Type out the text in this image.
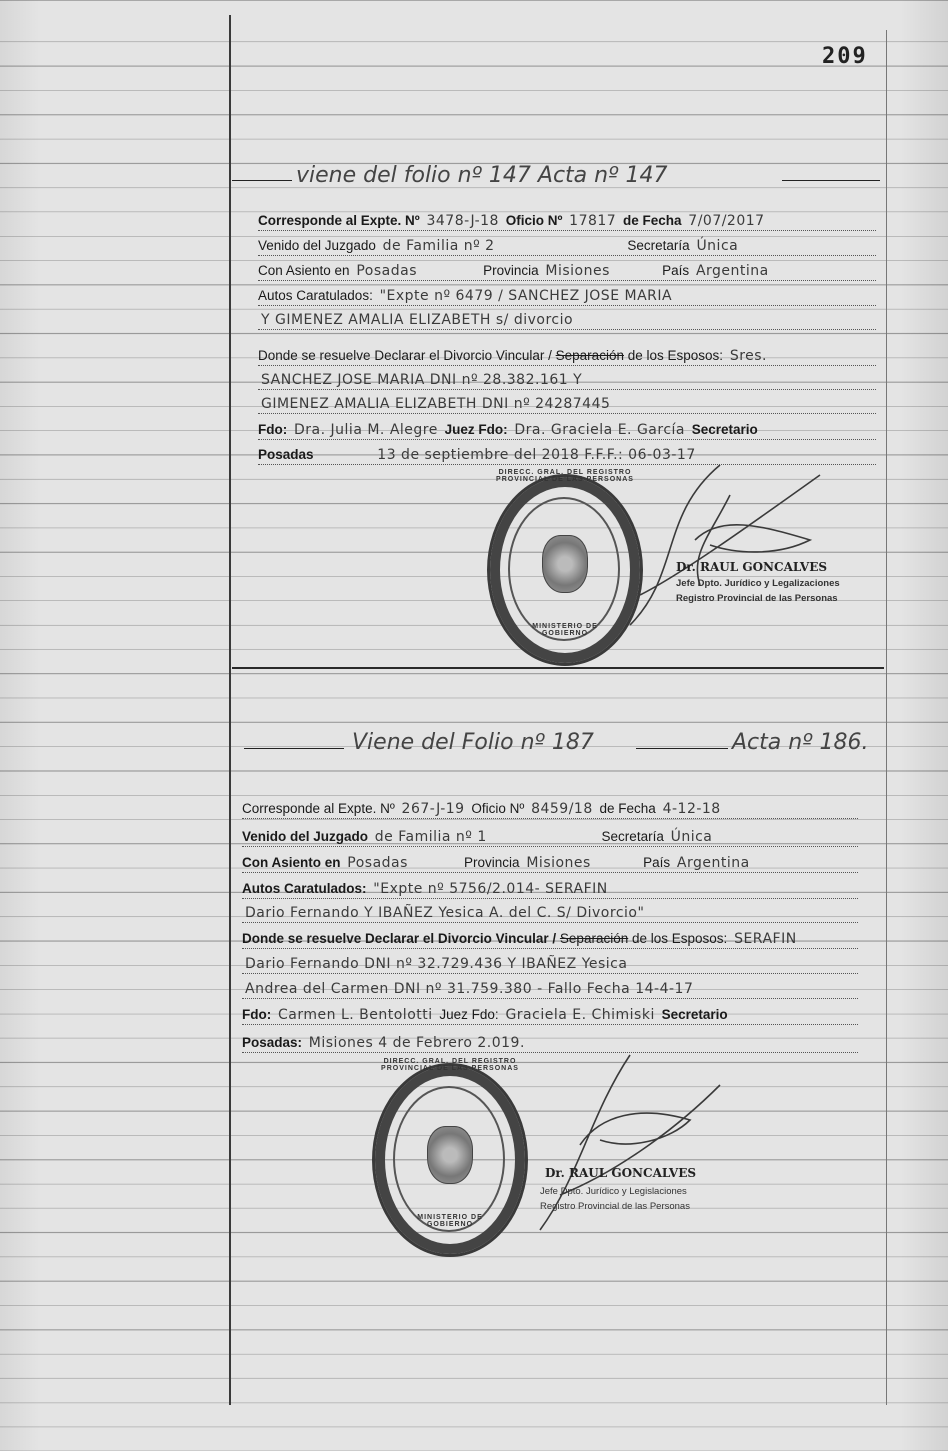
209
viene del folio nº 147 Acta nº 147
Corresponde al Expte. Nº 3478-J-18 Oficio Nº 17817 de Fecha 7/07/2017
Venido del Juzgado de Familia nº 2	Secretaría Única
Con Asiento en Posadas	Provincia Misiones	País Argentina
Autos Caratulados: "Expte nº 6479 / SANCHEZ JOSE MARIA
Y GIMENEZ AMALIA ELIZABETH s/ divorcio
Donde se resuelve Declarar el Divorcio Vincular / Separación de los Esposos: Sres.
SANCHEZ JOSE MARIA DNI nº 28.382.161 Y
GIMENEZ AMALIA ELIZABETH DNI nº 24287445
Fdo: Dra. Julia M. Alegre Juez Fdo: Dra. Graciela E. García Secretario
Posadas	13 de septiembre del 2018 F.F.F.: 06-03-17
DIRECC. GRAL. DEL REGISTRO PROVINCIAL DE LAS PERSONAS
MINISTERIO DE GOBIERNO
Dr. RAUL GONCALVES
Jefe Dpto. Jurídico y Legalizaciones
Registro Provincial de las Personas
Viene del Folio nº 187	Acta nº 186.
Corresponde al Expte. Nº 267-J-19 Oficio Nº 8459/18 de Fecha 4-12-18
Venido del Juzgado de Familia nº 1	Secretaría Única
Con Asiento en Posadas	Provincia Misiones	País Argentina
Autos Caratulados: "Expte nº 5756/2.014- SERAFIN
Dario Fernando Y IBAÑEZ Yesica A. del C. S/ Divorcio"
Donde se resuelve Declarar el Divorcio Vincular / Separación de los Esposos: SERAFIN
Dario Fernando DNI nº 32.729.436 Y IBAÑEZ Yesica
Andrea del Carmen DNI nº 31.759.380 - Fallo Fecha 14-4-17
Fdo: Carmen L. Bentolotti Juez Fdo: Graciela E. Chimiski Secretario
Posadas: Misiones 4 de Febrero 2.019.
DIRECC. GRAL. DEL REGISTRO PROVINCIAL DE LAS PERSONAS
MINISTERIO DE GOBIERNO
Dr. RAUL GONCALVES
Jefe Dpto. Jurídico y Legislaciones
Registro Provincial de las Personas
